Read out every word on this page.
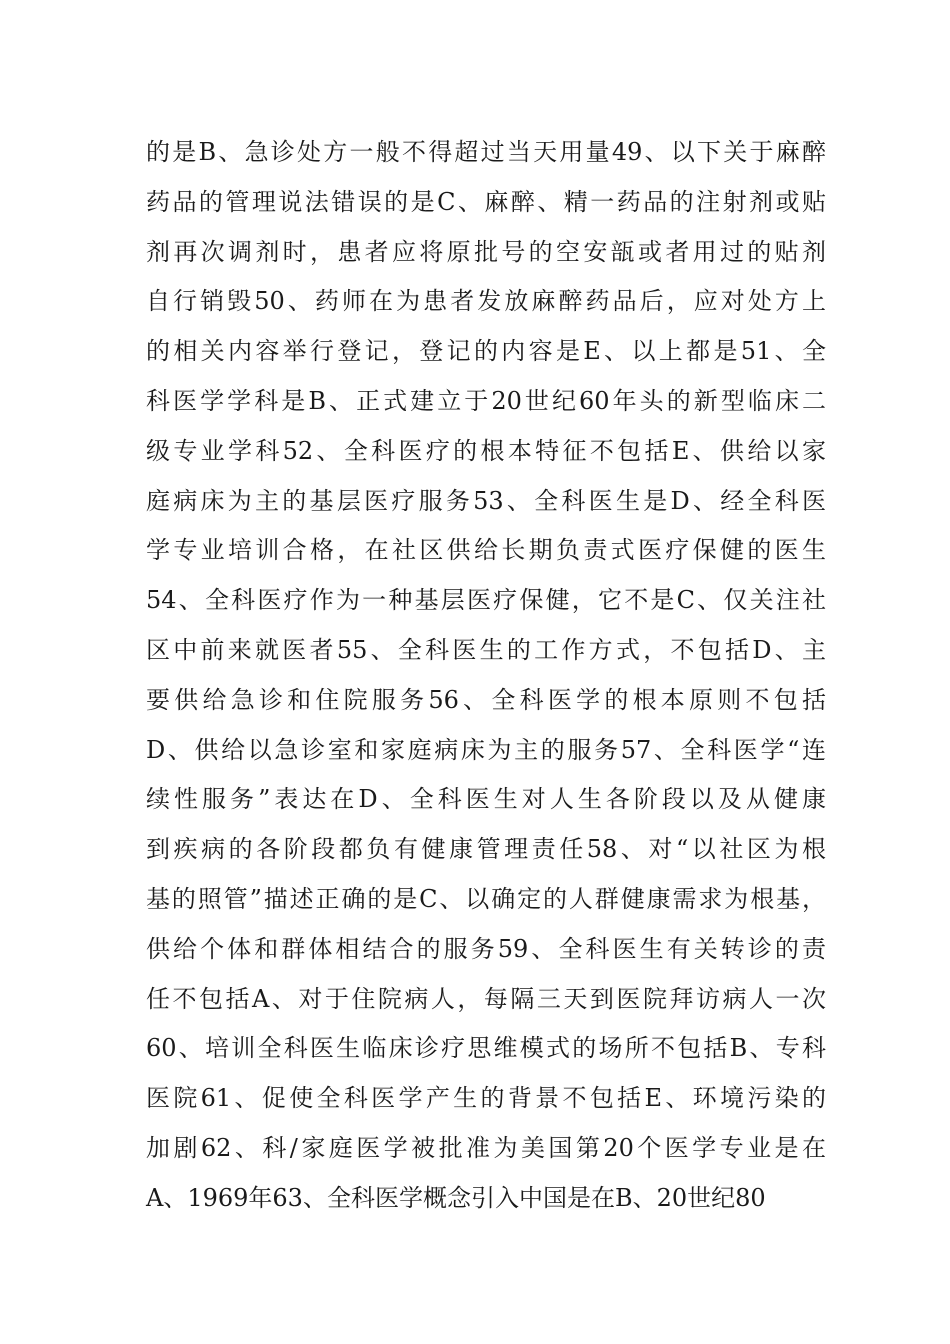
的是B、急诊处方一般不得超过当天用量49、以下关于麻醉
药品的管理说法错误的是C、麻醉、精一药品的注射剂或贴
剂再次调剂时，患者应将原批号的空安瓿或者用过的贴剂
自行销毁50、药师在为患者发放麻醉药品后，应对处方上
的相关内容举行登记，登记的内容是E、以上都是51、全
科医学学科是B、正式建立于20世纪60年头的新型临床二
级专业学科52、全科医疗的根本特征不包括E、供给以家
庭病床为主的基层医疗服务53、全科医生是D、经全科医
学专业培训合格，在社区供给长期负责式医疗保健的医生
54、全科医疗作为一种基层医疗保健，它不是C、仅关注社
区中前来就医者55、全科医生的工作方式，不包括D、主
要供给急诊和住院服务56、全科医学的根本原则不包括
D、供给以急诊室和家庭病床为主的服务57、全科医学“连
续性服务”表达在D、全科医生对人生各阶段以及从健康
到疾病的各阶段都负有健康管理责任58、对“以社区为根
基的照管”描述正确的是C、以确定的人群健康需求为根基，
供给个体和群体相结合的服务59、全科医生有关转诊的责
任不包括A、对于住院病人，每隔三天到医院拜访病人一次
60、培训全科医生临床诊疗思维模式的场所不包括B、专科
医院61、促使全科医学产生的背景不包括E、环境污染的
加剧62、科/家庭医学被批准为美国第20个医学专业是在
A、1969年63、全科医学概念引入中国是在B、20世纪80
